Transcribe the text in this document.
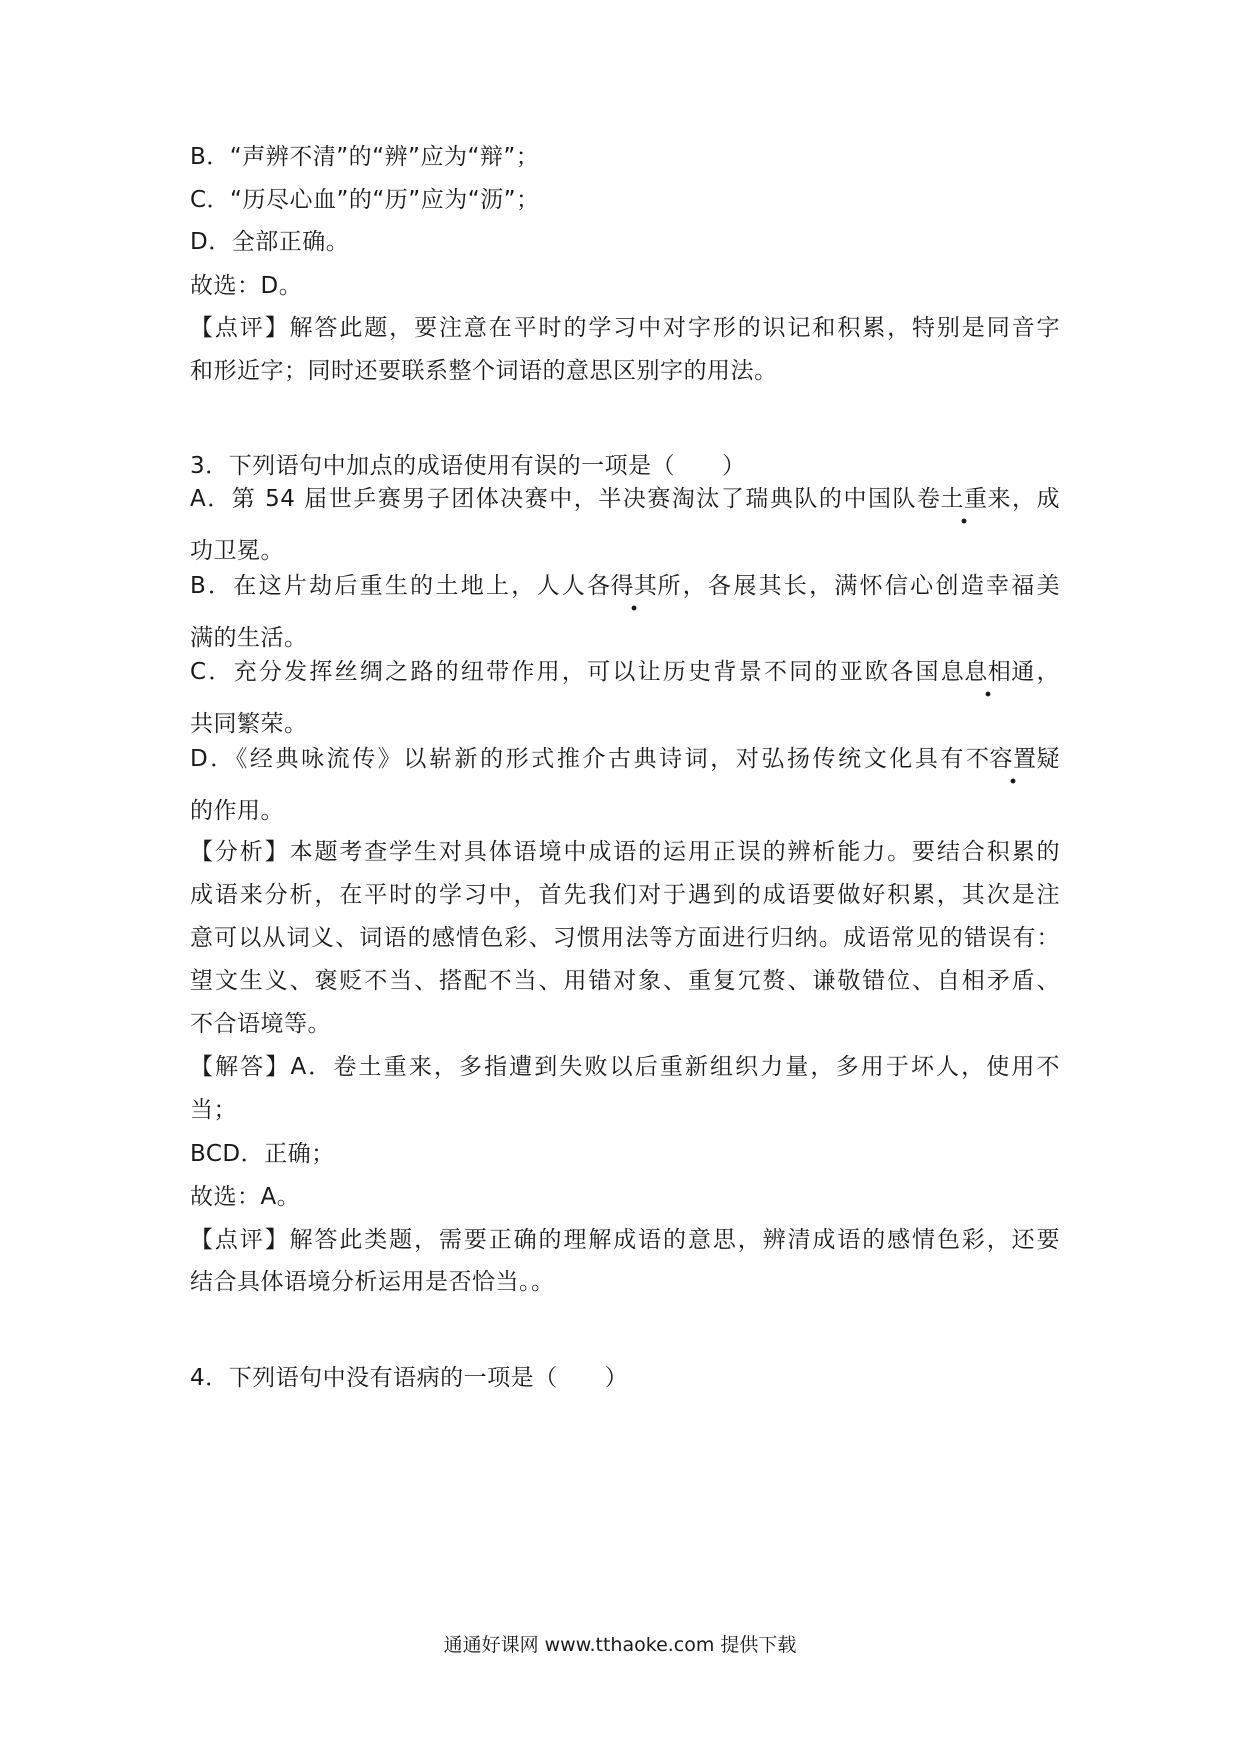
B．“声辨不清”的“辨”应为“辩”；
C．“历尽心血”的“历”应为“沥”；
D．全部正确。
故选：D。
【点评】解答此题，要注意在平时的学习中对字形的识记和积累，特别是同音字
和形近字；同时还要联系整个词语的意思区别字的用法。
3．下列语句中加点的成语使用有误的一项是（　　）
A．第 54 届世乒赛男子团体决赛中，半决赛淘汰了瑞典队的中国队卷土重来，成
功卫冕。
B．在这片劫后重生的土地上，人人各得其所，各展其长，满怀信心创造幸福美
满的生活。
C．充分发挥丝绸之路的纽带作用，可以让历史背景不同的亚欧各国息息相通，
共同繁荣。
D．《经典咏流传》以崭新的形式推介古典诗词，对弘扬传统文化具有不容置疑
的作用。
【分析】本题考查学生对具体语境中成语的运用正误的辨析能力。要结合积累的
成语来分析，在平时的学习中，首先我们对于遇到的成语要做好积累，其次是注
意可以从词义、词语的感情色彩、习惯用法等方面进行归纳。成语常见的错误有：
望文生义、褒贬不当、搭配不当、用错对象、重复冗赘、谦敬错位、自相矛盾、
不合语境等。
【解答】A．卷土重来，多指遭到失败以后重新组织力量，多用于坏人，使用不
当；
BCD．正确；
故选：A。
【点评】解答此类题，需要正确的理解成语的意思，辨清成语的感情色彩，还要
结合具体语境分析运用是否恰当。。
4．下列语句中没有语病的一项是（　　）
通通好课网 www.tthaoke.com 提供下载
